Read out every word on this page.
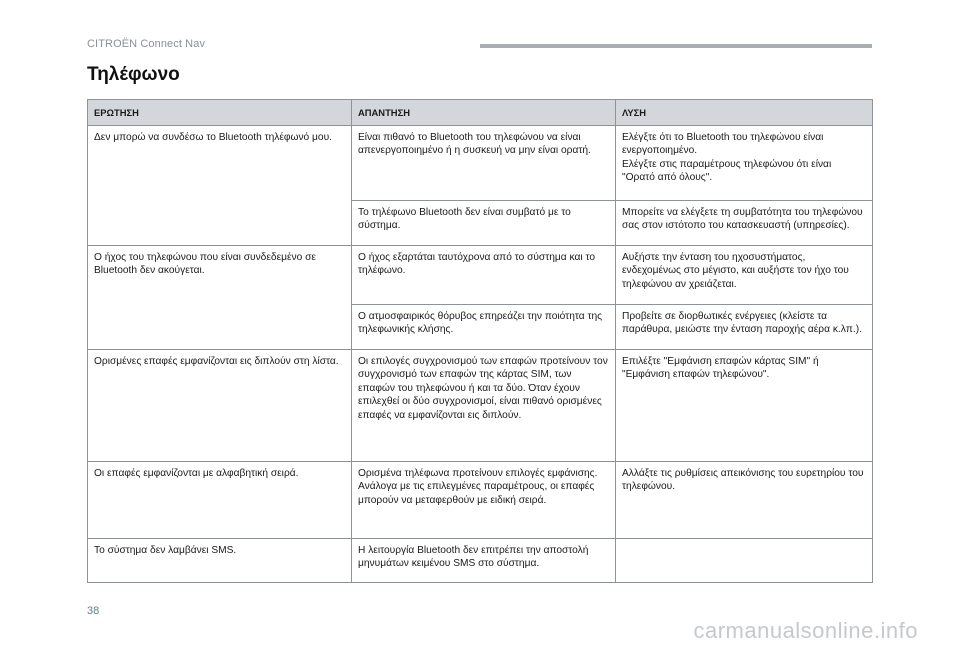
CITROËN Connect Nav
Τηλέφωνο
ΕΡΩΤΗΣΗ	ΑΠΑΝΤΗΣΗ	ΛΥΣΗ
Δεν μπορώ να συνδέσω το Bluetooth τηλέφωνό μου.	Είναι πιθανό το Bluetooth του τηλεφώνου να είναι απενεργοποιημένο ή η συσκευή να μην είναι ορατή.	Ελέγξτε ότι το Bluetooth του τηλεφώνου είναι ενεργοποιημένο.
Ελέγξτε στις παραμέτρους τηλεφώνου ότι είναι "Ορατό από όλους".
	Το τηλέφωνο Bluetooth δεν είναι συμβατό με το σύστημα.	Μπορείτε να ελέγξετε τη συμβατότητα του τηλεφώνου σας στον ιστότοπο του κατασκευαστή (υπηρεσίες).
Ο ήχος του τηλεφώνου που είναι συνδεδεμένο σε Bluetooth δεν ακούγεται.	Ο ήχος εξαρτάται ταυτόχρονα από το σύστημα και το τηλέφωνο.	Αυξήστε την ένταση του ηχοσυστήματος, ενδεχομένως στο μέγιστο, και αυξήστε τον ήχο του τηλεφώνου αν χρειάζεται.
	Ο ατμοσφαιρικός θόρυβος επηρεάζει την ποιότητα της τηλεφωνικής κλήσης.	Προβείτε σε διορθωτικές ενέργειες (κλείστε τα παράθυρα, μειώστε την ένταση παροχής αέρα κ.λπ.).
Ορισμένες επαφές εμφανίζονται εις διπλούν στη λίστα.	Οι επιλογές συγχρονισμού των επαφών προτείνουν τον συγχρονισμό των επαφών της κάρτας SIM, των επαφών του τηλεφώνου ή και τα δύο. Όταν έχουν επιλεχθεί οι δύο συγχρονισμοί, είναι πιθανό ορισμένες επαφές να εμφανίζονται εις διπλούν.	Επιλέξτε "Εμφάνιση επαφών κάρτας SIM" ή "Εμφάνιση επαφών τηλεφώνου".
Οι επαφές εμφανίζονται με αλφαβητική σειρά.	Ορισμένα τηλέφωνα προτείνουν επιλογές εμφάνισης. Ανάλογα με τις επιλεγμένες παραμέτρους, οι επαφές μπορούν να μεταφερθούν με ειδική σειρά.	Αλλάξτε τις ρυθμίσεις απεικόνισης του ευρετηρίου του τηλεφώνου.
Το σύστημα δεν λαμβάνει SMS.	Η λειτουργία Bluetooth δεν επιτρέπει την αποστολή μηνυμάτων κειμένου SMS στο σύστημα.	
38
carmanualsonline.info
